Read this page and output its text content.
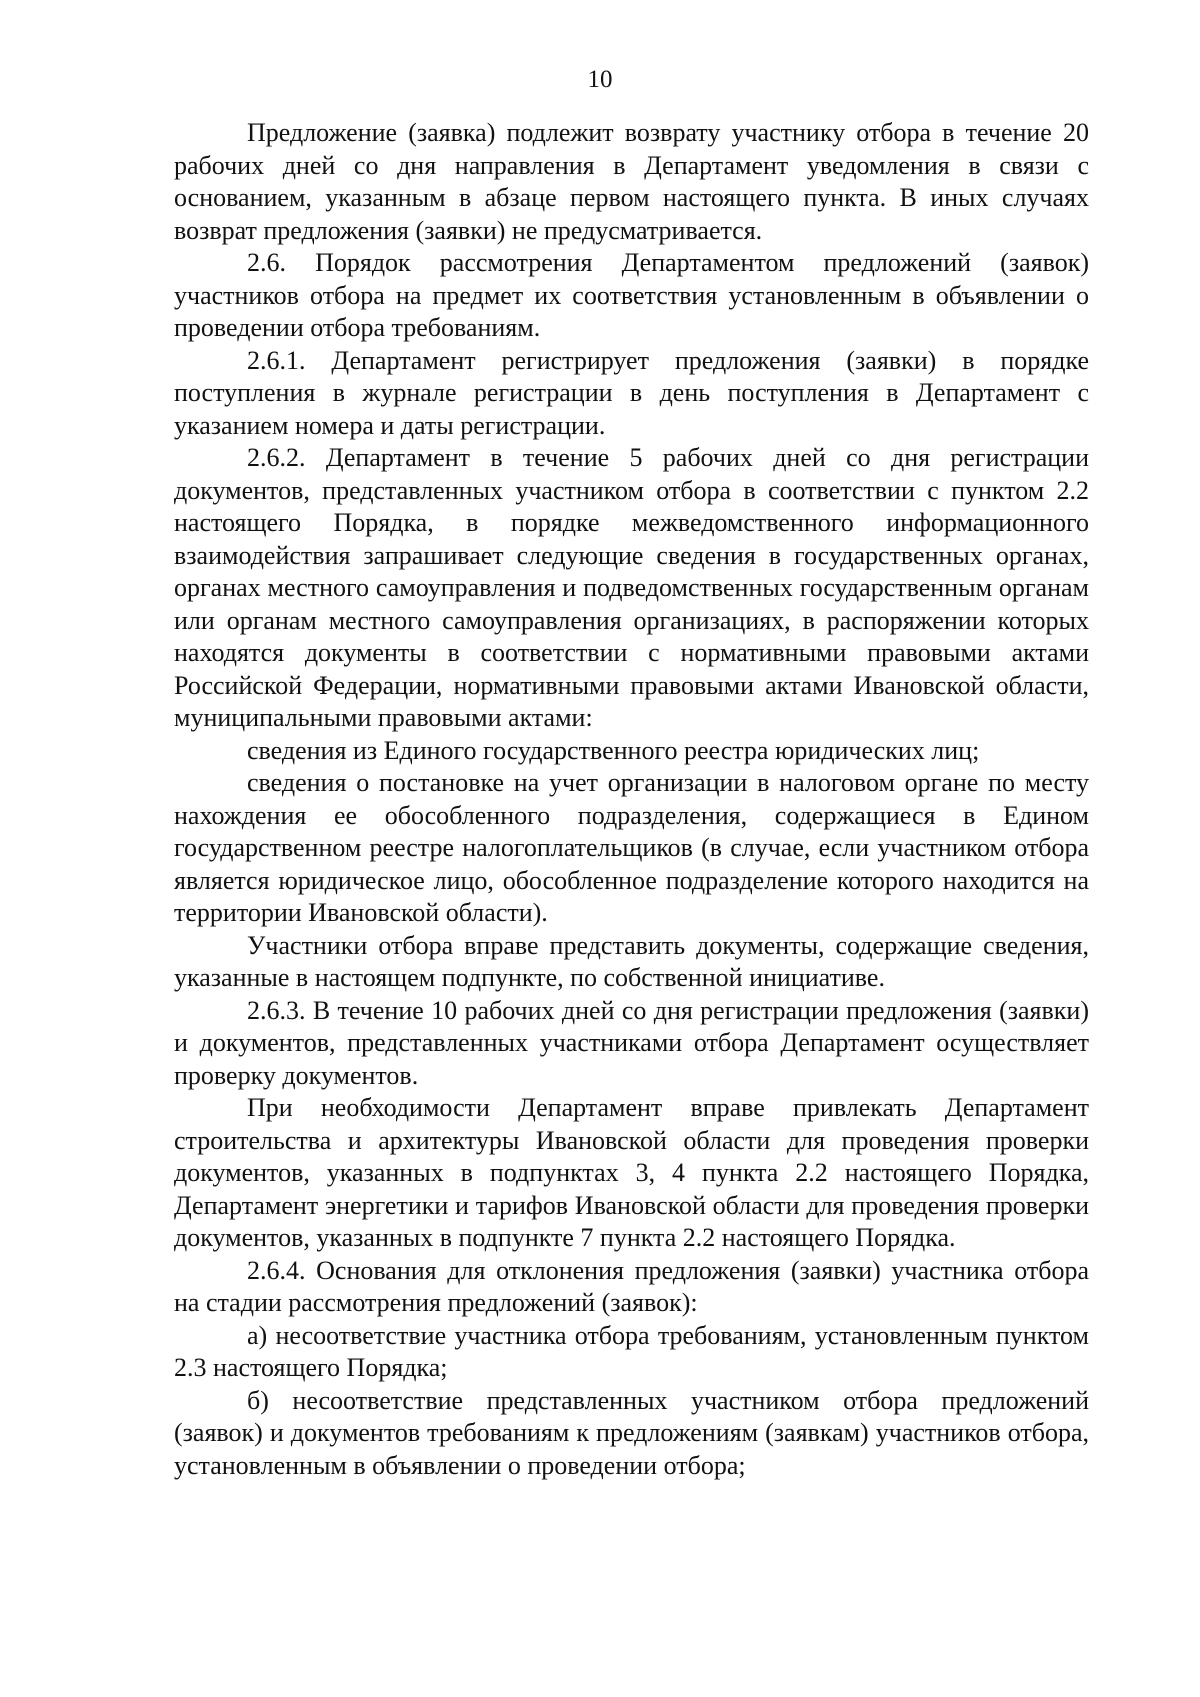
10

Предложение (заявка) подлежит возврату участнику отбора в течение 20 рабочих дней со дня направления в Департамент уведомления в связи с основанием, указанным в абзаце первом настоящего пункта. В иных случаях возврат предложения (заявки) не предусматривается.

2.6. Порядок рассмотрения Департаментом предложений (заявок) участников отбора на предмет их соответствия установленным в объявлении о проведении отбора требованиям.

2.6.1. Департамент регистрирует предложения (заявки) в порядке поступления в журнале регистрации в день поступления в Департамент с указанием номера и даты регистрации.

2.6.2. Департамент в течение 5 рабочих дней со дня регистрации документов, представленных участником отбора в соответствии с пунктом 2.2 настоящего Порядка, в порядке межведомственного информационного взаимодействия запрашивает следующие сведения в государственных органах, органах местного самоуправления и подведомственных государственным органам или органам местного самоуправления организациях, в распоряжении которых находятся документы в соответствии с нормативными правовыми актами Российской Федерации, нормативными правовыми актами Ивановской области, муниципальными правовыми актами:

сведения из Единого государственного реестра юридических лиц;

сведения о постановке на учет организации в налоговом органе по месту нахождения ее обособленного подразделения, содержащиеся в Едином государственном реестре налогоплательщиков (в случае, если участником отбора является юридическое лицо, обособленное подразделение которого находится на территории Ивановской области).

Участники отбора вправе представить документы, содержащие сведения, указанные в настоящем подпункте, по собственной инициативе.

2.6.3. В течение 10 рабочих дней со дня регистрации предложения (заявки) и документов, представленных участниками отбора Департамент осуществляет проверку документов.

При необходимости Департамент вправе привлекать Департамент строительства и архитектуры Ивановской области для проведения проверки документов, указанных в подпунктах 3, 4 пункта 2.2 настоящего Порядка, Департамент энергетики и тарифов Ивановской области для проведения проверки документов, указанных в подпункте 7 пункта 2.2 настоящего Порядка.

2.6.4. Основания для отклонения предложения (заявки) участника отбора на стадии рассмотрения предложений (заявок):

а) несоответствие участника отбора требованиям, установленным пунктом 2.3 настоящего Порядка;

б) несоответствие представленных участником отбора предложений (заявок) и документов требованиям к предложениям (заявкам) участников отбора, установленным в объявлении о проведении отбора;
